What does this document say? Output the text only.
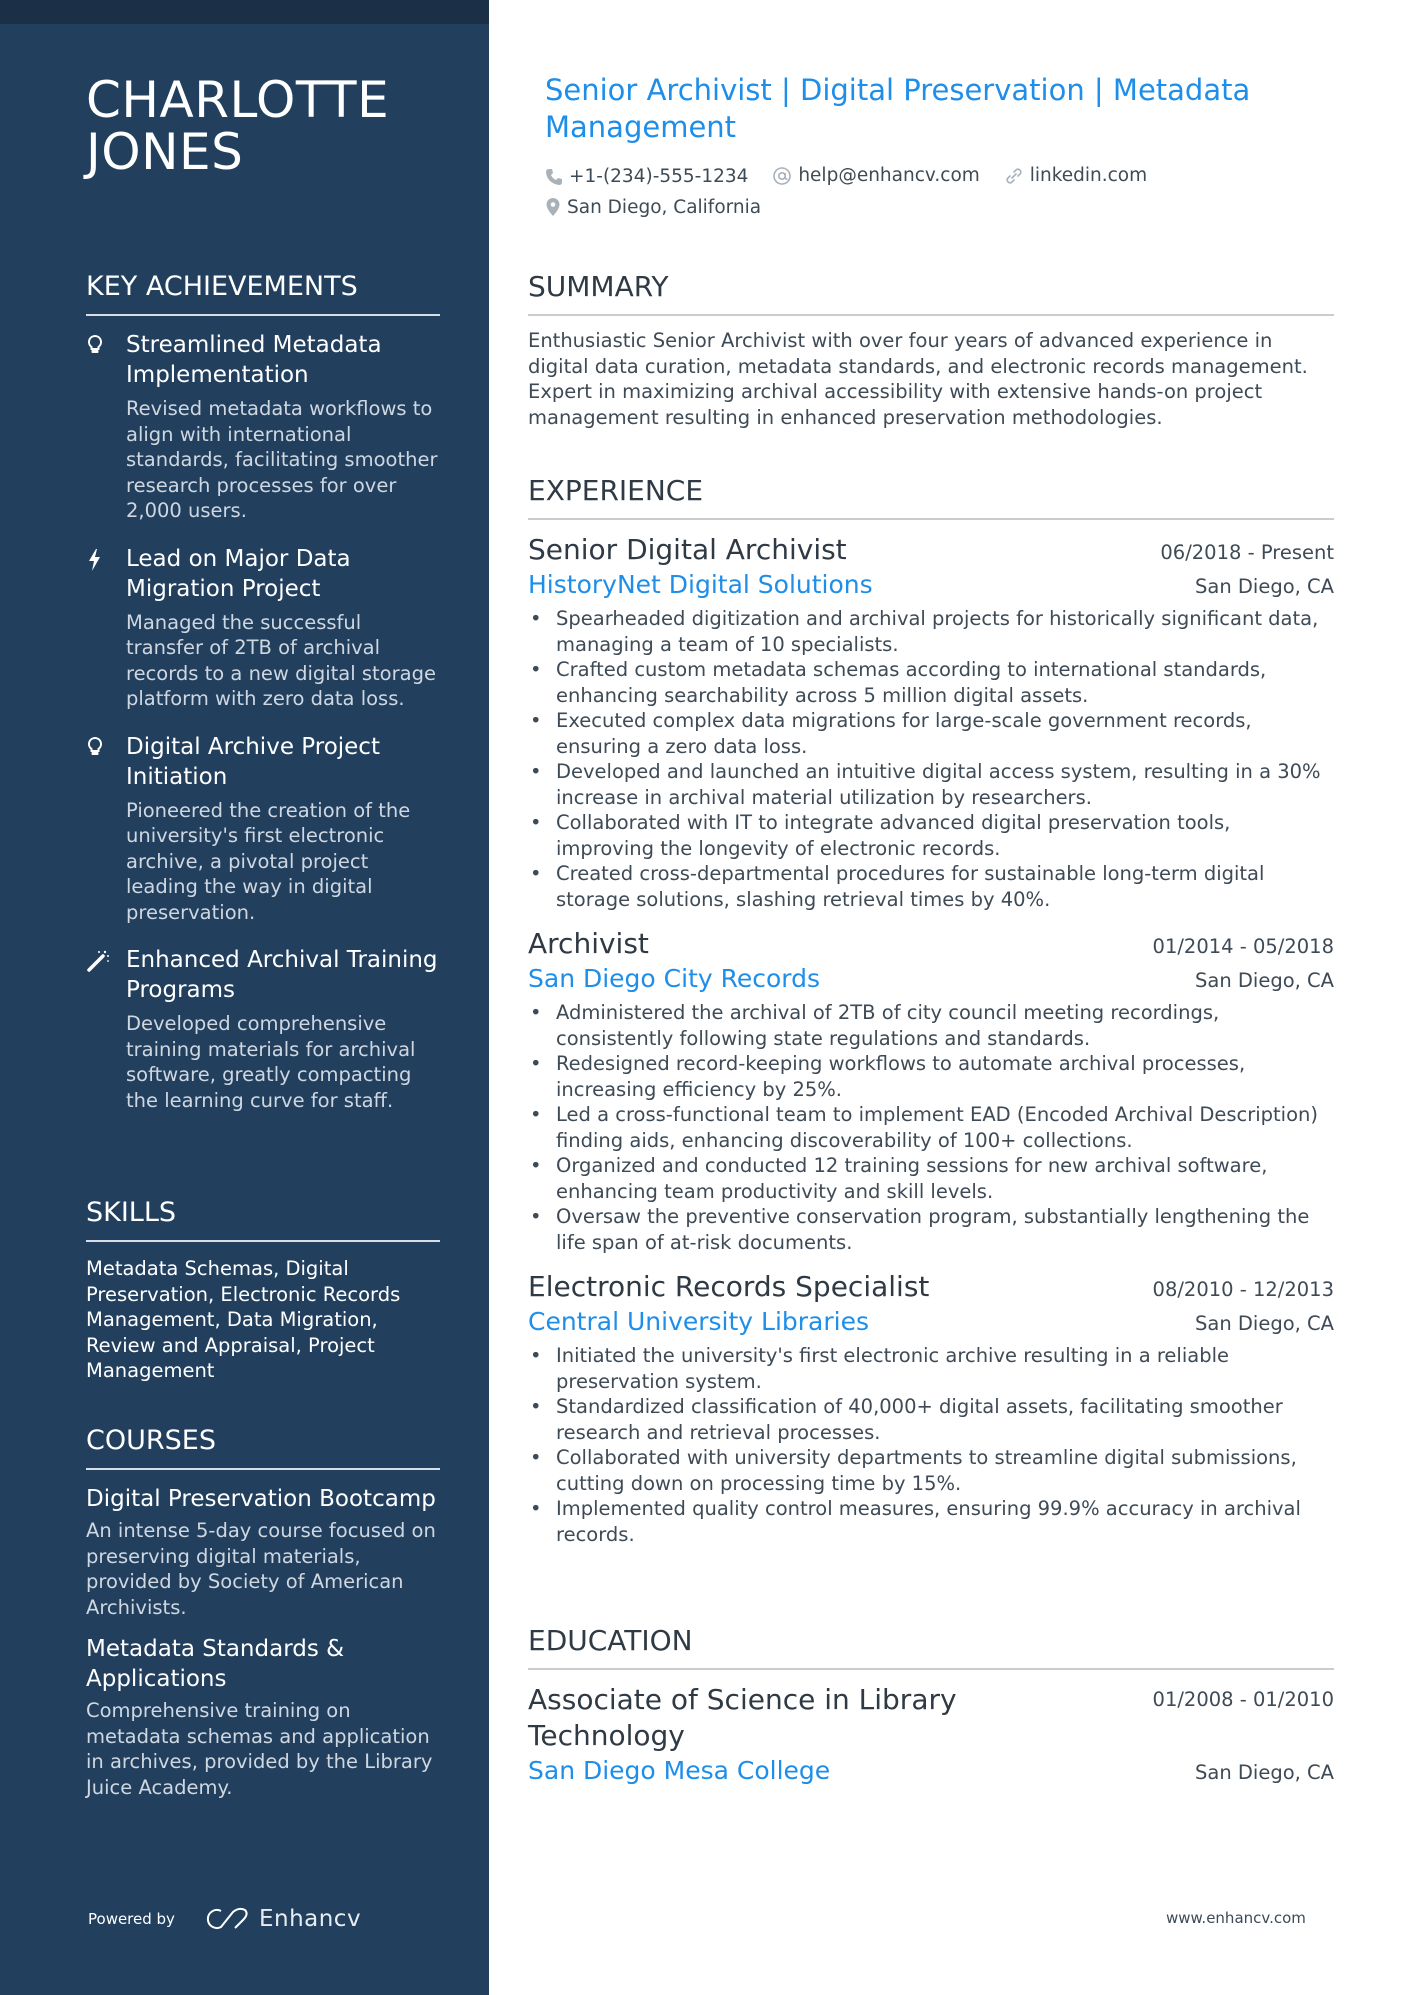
CHARLOTTE JONES
KEY ACHIEVEMENTS
Streamlined Metadata Implementation
Revised metadata workflows to align with international standards, facilitating smoother research processes for over 2,000 users.
Lead on Major Data Migration Project
Managed the successful transfer of 2TB of archival records to a new digital storage platform with zero data loss.
Digital Archive Project Initiation
Pioneered the creation of the university's first electronic archive, a pivotal project leading the way in digital preservation.
Enhanced Archival Training Programs
Developed comprehensive training materials for archival software, greatly compacting the learning curve for staff.
SKILLS
Metadata Schemas, Digital Preservation, Electronic Records Management, Data Migration, Review and Appraisal, Project Management
COURSES
Digital Preservation Bootcamp
An intense 5-day course focused on preserving digital materials, provided by Society of American Archivists.
Metadata Standards & Applications
Comprehensive training on metadata schemas and application in archives, provided by the Library Juice Academy.
Powered by	Enhancv
Senior Archivist | Digital Preservation | Metadata Management
+1-(234)-555-1234
	help@enhancv.com
	linkedin.com

San Diego, California
SUMMARY
Enthusiastic Senior Archivist with over four years of advanced experience in digital data curation, metadata standards, and electronic records management. Expert in maximizing archival accessibility with extensive hands-on project management resulting in enhanced preservation methodologies.
EXPERIENCE
Senior Digital Archivist	06/2018 - Present
HistoryNet Digital Solutions	San Diego, CA
• Spearheaded digitization and archival projects for historically significant data, managing a team of 10 specialists.
• Crafted custom metadata schemas according to international standards, enhancing searchability across 5 million digital assets.
• Executed complex data migrations for large-scale government records, ensuring a zero data loss.
• Developed and launched an intuitive digital access system, resulting in a 30% increase in archival material utilization by researchers.
• Collaborated with IT to integrate advanced digital preservation tools, improving the longevity of electronic records.
• Created cross-departmental procedures for sustainable long-term digital storage solutions, slashing retrieval times by 40%.
Archivist	01/2014 - 05/2018
San Diego City Records	San Diego, CA
• Administered the archival of 2TB of city council meeting recordings, consistently following state regulations and standards.
• Redesigned record-keeping workflows to automate archival processes, increasing efficiency by 25%.
• Led a cross-functional team to implement EAD (Encoded Archival Description) finding aids, enhancing discoverability of 100+ collections.
• Organized and conducted 12 training sessions for new archival software, enhancing team productivity and skill levels.
• Oversaw the preventive conservation program, substantially lengthening the life span of at-risk documents.
Electronic Records Specialist	08/2010 - 12/2013
Central University Libraries	San Diego, CA
• Initiated the university's first electronic archive resulting in a reliable preservation system.
• Standardized classification of 40,000+ digital assets, facilitating smoother research and retrieval processes.
• Collaborated with university departments to streamline digital submissions, cutting down on processing time by 15%.
• Implemented quality control measures, ensuring 99.9% accuracy in archival records.
EDUCATION
Associate of Science in Library Technology
01/2008 - 01/2010
San Diego Mesa College	San Diego, CA
www.enhancv.com
